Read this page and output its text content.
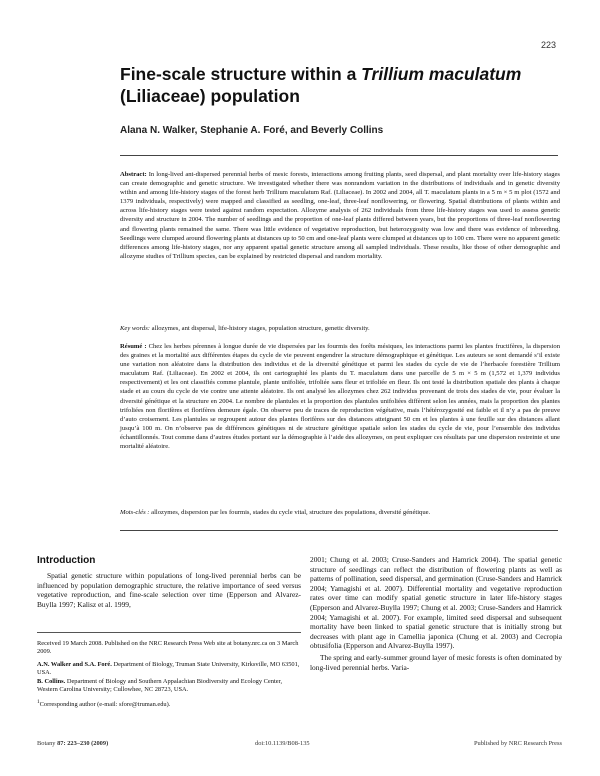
223
Fine-scale structure within a Trillium maculatum
(Liliaceae) population
Alana N. Walker, Stephanie A. Foré, and Beverly Collins
Abstract: In long-lived ant-dispersed perennial herbs of mesic forests, interactions among fruiting plants, seed dispersal, and plant mortality over life-history stages can create demographic and genetic structure. We investigated whether there was nonrandom variation in the distributions of individuals and in genetic diversity within and among life-history stages of the forest herb Trillium maculatum Raf. (Liliaceae). In 2002 and 2004, all T. maculatum plants in a 5 m × 5 m plot (1572 and 1379 individuals, respectively) were mapped and classified as seedling, one-leaf, three-leaf nonflowering, or flowering. Spatial distributions of plants within and across life-history stages were tested against random expectation. Allozyme analysis of 262 individuals from three life-history stages was used to assess genetic diversity and structure in 2004. The number of seedlings and the proportion of one-leaf plants differed between years, but the proportions of three-leaf nonflowering and flowering plants remained the same. There was little evidence of vegetative reproduction, but heterozygosity was low and there was evidence of inbreeding. Seedlings were clumped around flowering plants at distances up to 50 cm and one-leaf plants were clumped at distances up to 100 cm. There were no apparent genetic differences among life-history stages, nor any apparent spatial genetic structure among all sampled individuals. These results, like those of other demographic and allozyme studies of Trillium species, can be explained by restricted dispersal and random mortality.
Key words: allozymes, ant dispersal, life-history stages, population structure, genetic diversity.
Résumé : Chez les herbes pérennes à longue durée de vie dispersées par les fourmis des forêts mésiques, les interactions parmi les plantes fructifères, la dispersion des graines et la mortalité aux différentes étapes du cycle de vie peuvent engendrer la structure démographique et génétique. Les auteurs se sont demandé s’il existe une variation non aléatoire dans la distribution des individus et de la diversité génétique et parmi les stades du cycle de vie de l’herbacée forestière Trillium maculatum Raf. (Liliaceae). En 2002 et 2004, ils ont cartographié les plants du T. maculatum dans une parcelle de 5 m × 5 m (1,572 et 1,379 individus respectivement) et les ont classifiés comme plantule, plante unifoliée, trifoliée sans fleur et trifoliée en fleur. Ils ont testé la distribution spatiale des plants à chaque stade et au cours du cycle de vie contre une attente aléatoire. Ils ont analysé les allozymes chez 262 individus provenant de trois des stades de vie, pour évaluer la diversité génétique et la structure en 2004. Le nombre de plantules et la proportion des plantules unifoliées diffèrent selon les années, mais la proportion des plantes trifoliées non florifères et florifères demeure égale. On observe peu de traces de reproduction végétative, mais l’hétérozygosité est faible et il n’y a pas de preuve d’auto croisement. Les plantules se regroupent autour des plantes florifères sur des distances atteignant 50 cm et les plantes à une feuille sur des distances allant jusqu’à 100 m. On n’observe pas de différences génétiques ni de structure génétique spatiale selon les stades du cycle de vie, pour l’ensemble des individus échantillonnés. Tout comme dans d’autres études portant sur la démographie à l’aide des allozymes, on peut expliquer ces résultats par une dispersion restreinte et une mortalité aléatoire.
Mots-clés : allozymes, dispersion par les fourmis, stades du cycle vital, structure des populations, diversité génétique.
Introduction

Spatial genetic structure within populations of long-lived perennial herbs can be influenced by population demographic structure, the relative importance of seed versus vegetative reproduction, and fine-scale selection over time (Epperson and Alvarez-Buylla 1997; Kalisz et al. 1999,

2001; Chung et al. 2003; Cruse-Sanders and Hamrick 2004). The spatial genetic structure of seedlings can reflect the distribution of flowering plants as well as patterns of pollination, seed dispersal, and germination (Cruse-Sanders and Hamrick 2004; Yamagishi et al. 2007). Differential mortality and vegetative reproduction rates over time can modify spatial genetic structure in later life-history stages (Epperson and Alvarez-Buylla 1997; Chung et al. 2003; Cruse-Sanders and Hamrick 2004; Yamagishi et al. 2007). For example, limited seed dispersal and subsequent mortality have been linked to spatial genetic structure that is initially strong but decreases with plant age in Camellia japonica (Chung et al. 2003) and Cecropia obtusifolia (Epperson and Alvarez-Buylla 1997).

The spring and early-summer ground layer of mesic forests is often dominated by long-lived perennial herbs. Varia-

Received 19 March 2008. Published on the NRC Research Press Web site at botany.nrc.ca on 3 March 2009.

A.N. Walker and S.A. Foré. Department of Biology, Truman State University, Kirksville, MO 63501, USA.

B. Collins. Department of Biology and Southern Appalachian Biodiversity and Ecology Center, Western Carolina University; Cullowhee, NC 28723, USA.

$^1$Corresponding author (e-mail: sfore@truman.edu).

Botany 87: 223–230 (2009)	doi:10.1139/B08-135	Published by NRC Research Press
